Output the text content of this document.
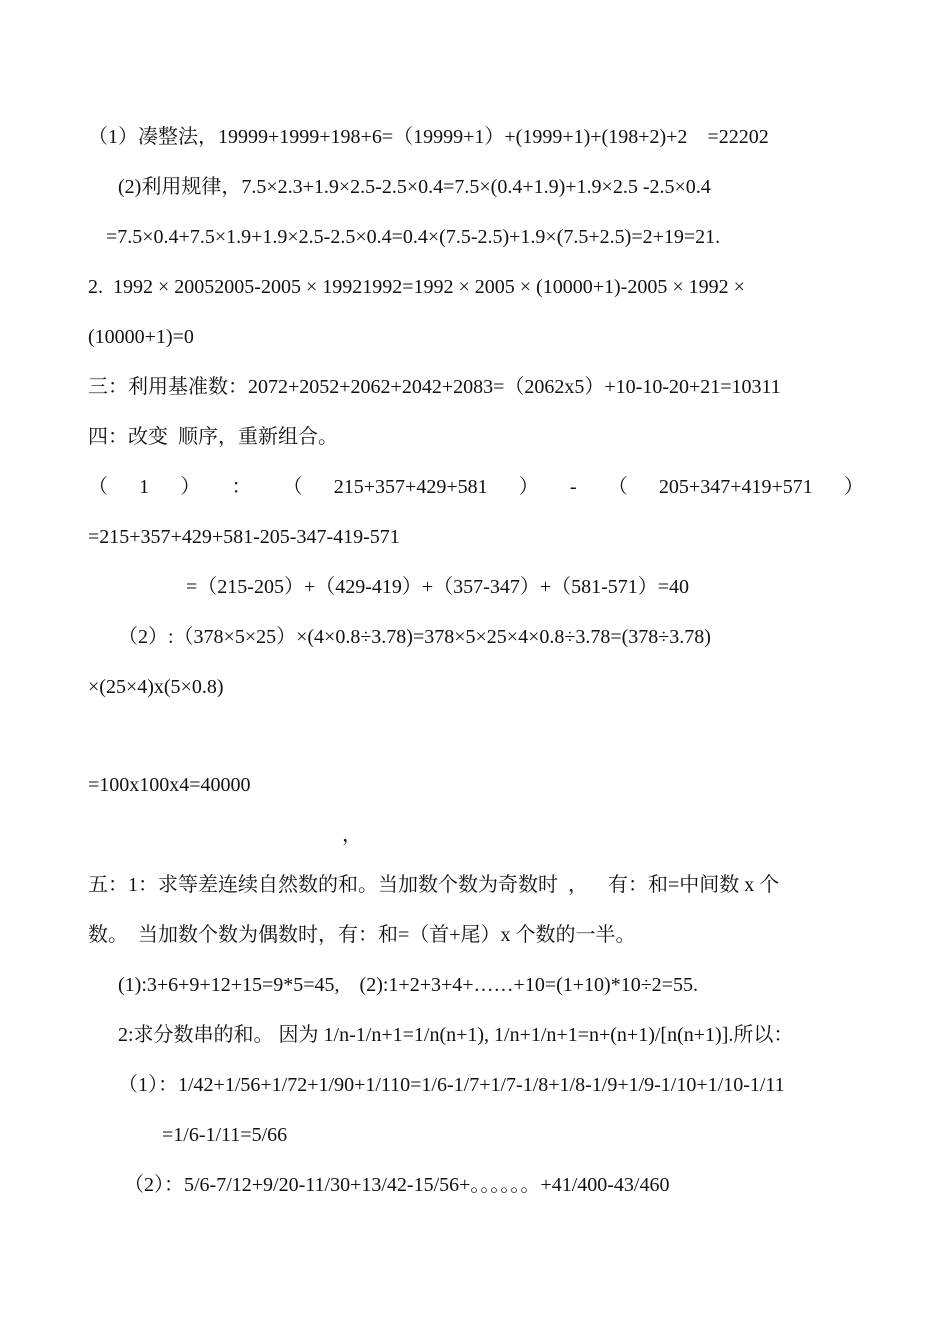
（1）凑整法，19999+1999+198+6=（19999+1）+(1999+1)+(198+2)+2　=22202
(2)利用规律，7.5×2.3+1.9×2.5-2.5×0.4=7.5×(0.4+1.9)+1.9×2.5 -2.5×0.4
=7.5×0.4+7.5×1.9+1.9×2.5-2.5×0.4=0.4×(7.5-2.5)+1.9×(7.5+2.5)=2+19=21.
2.  1992 × 20052005-2005 × 19921992=1992 × 2005 × (10000+1)-2005 × 1992 ×
(10000+1)=0
三：利用基准数：2072+2052+2062+2042+2083=（2062x5）+10-10-20+21=10311
四：改变  顺序，重新组合。
（ 1 ） ： （ 215+357+429+581 ） - （ 205+347+419+571 ）
=215+357+429+581-205-347-419-571
=（215-205）+（429-419）+（357-347）+（581-571）=40
（2）:（378×5×25）×(4×0.8÷3.78)=378×5×25×4×0.8÷3.78=(378÷3.78)
×(25×4)x(5×0.8)
=100x100x4=40000
，
五：1：求等差连续自然数的和。当加数个数为奇数时  ，    有：和=中间数 x 个
数。  当加数个数为偶数时，有：和=（首+尾）x 个数的一半。
(1):3+6+9+12+15=9*5=45,    (2):1+2+3+4+……+10=(1+10)*10÷2=55.
2:求分数串的和。 因为 1/n-1/n+1=1/n(n+1), 1/n+1/n+1=n+(n+1)/[n(n+1)].所以：
（1）：1/42+1/56+1/72+1/90+1/110=1/6-1/7+1/7-1/8+1/8-1/9+1/9-1/10+1/10-1/11
=1/6-1/11=5/66
（2）：5/6-7/12+9/20-11/30+13/42-15/56+。。。。。。+41/400-43/460
